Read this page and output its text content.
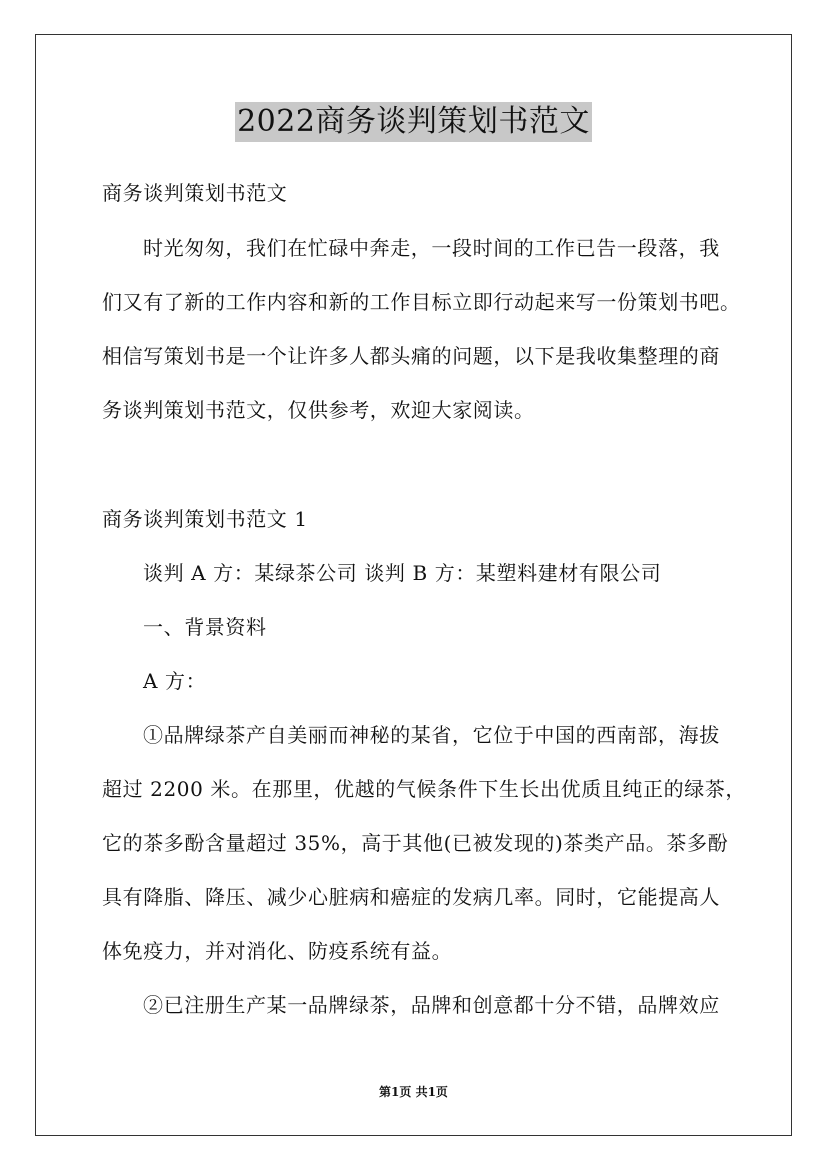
2022商务谈判策划书范文
商务谈判策划书范文
时光匆匆，我们在忙碌中奔走，一段时间的工作已告一段落，我
们又有了新的工作内容和新的工作目标立即行动起来写一份策划书吧。
相信写策划书是一个让许多人都头痛的问题，以下是我收集整理的商
务谈判策划书范文，仅供参考，欢迎大家阅读。
商务谈判策划书范文 1
谈判 A 方：某绿茶公司 谈判 B 方：某塑料建材有限公司
一、背景资料
A 方：
①品牌绿茶产自美丽而神秘的某省，它位于中国的西南部，海拔
超过 2200 米。在那里，优越的气候条件下生长出优质且纯正的绿茶，
它的茶多酚含量超过 35%，高于其他(已被发现的)茶类产品。茶多酚
具有降脂、降压、减少心脏病和癌症的发病几率。同时，它能提高人
体免疫力，并对消化、防疫系统有益。
②已注册生产某一品牌绿茶，品牌和创意都十分不错，品牌效应
第1页 共1页
